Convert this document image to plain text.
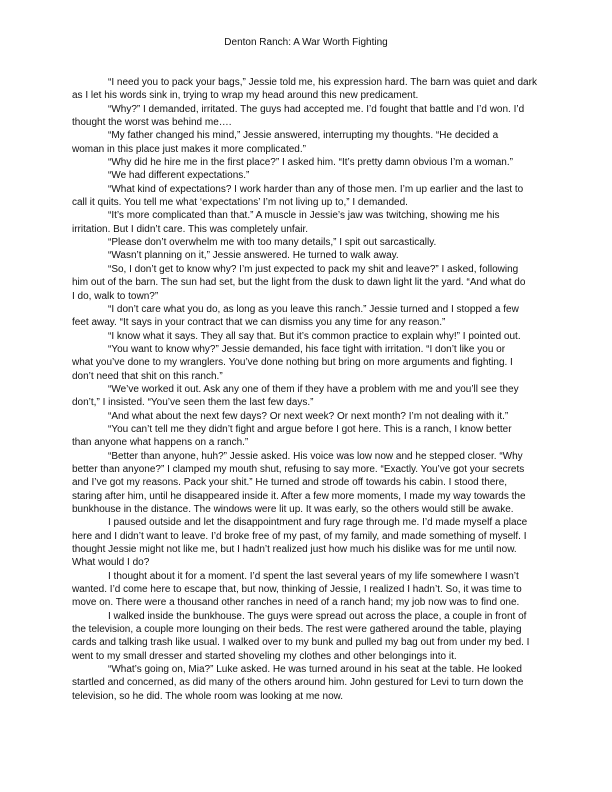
Denton Ranch: A War Worth Fighting
“I need you to pack your bags,” Jessie told me, his expression hard. The barn was quiet and dark
as I let his words sink in, trying to wrap my head around this new predicament.
“Why?” I demanded, irritated. The guys had accepted me. I’d fought that battle and I’d won. I’d
thought the worst was behind me….
“My father changed his mind,” Jessie answered, interrupting my thoughts. “He decided a
woman in this place just makes it more complicated.”
“Why did he hire me in the first place?” I asked him. “It’s pretty damn obvious I’m a woman.”
“We had different expectations.”
“What kind of expectations? I work harder than any of those men. I’m up earlier and the last to
call it quits. You tell me what ‘expectations’ I’m not living up to,” I demanded.
“It’s more complicated than that.” A muscle in Jessie’s jaw was twitching, showing me his
irritation. But I didn’t care. This was completely unfair.
“Please don’t overwhelm me with too many details,” I spit out sarcastically.
“Wasn’t planning on it,” Jessie answered. He turned to walk away.
“So, I don’t get to know why? I’m just expected to pack my shit and leave?” I asked, following
him out of the barn. The sun had set, but the light from the dusk to dawn light lit the yard. “And what do
I do, walk to town?”
“I don’t care what you do, as long as you leave this ranch.” Jessie turned and I stopped a few
feet away. “It says in your contract that we can dismiss you any time for any reason.”
“I know what it says. They all say that. But it’s common practice to explain why!” I pointed out.
“You want to know why?” Jessie demanded, his face tight with irritation. “I don’t like you or
what you’ve done to my wranglers. You’ve done nothing but bring on more arguments and fighting. I
don’t need that shit on this ranch.”
“We’ve worked it out. Ask any one of them if they have a problem with me and you’ll see they
don’t,” I insisted. “You’ve seen them the last few days.”
“And what about the next few days? Or next week? Or next month? I’m not dealing with it.”
“You can’t tell me they didn’t fight and argue before I got here. This is a ranch, I know better
than anyone what happens on a ranch.”
“Better than anyone, huh?” Jessie asked. His voice was low now and he stepped closer. “Why
better than anyone?” I clamped my mouth shut, refusing to say more. “Exactly. You’ve got your secrets
and I’ve got my reasons. Pack your shit.” He turned and strode off towards his cabin. I stood there,
staring after him, until he disappeared inside it. After a few more moments, I made my way towards the
bunkhouse in the distance. The windows were lit up. It was early, so the others would still be awake.
I paused outside and let the disappointment and fury rage through me. I’d made myself a place
here and I didn’t want to leave. I’d broke free of my past, of my family, and made something of myself. I
thought Jessie might not like me, but I hadn’t realized just how much his dislike was for me until now.
What would I do?
I thought about it for a moment. I’d spent the last several years of my life somewhere I wasn’t
wanted. I’d come here to escape that, but now, thinking of Jessie, I realized I hadn’t. So, it was time to
move on. There were a thousand other ranches in need of a ranch hand; my job now was to find one.
I walked inside the bunkhouse. The guys were spread out across the place, a couple in front of
the television, a couple more lounging on their beds. The rest were gathered around the table, playing
cards and talking trash like usual. I walked over to my bunk and pulled my bag out from under my bed. I
went to my small dresser and started shoveling my clothes and other belongings into it.
“What’s going on, Mia?” Luke asked. He was turned around in his seat at the table. He looked
startled and concerned, as did many of the others around him. John gestured for Levi to turn down the
television, so he did. The whole room was looking at me now.
